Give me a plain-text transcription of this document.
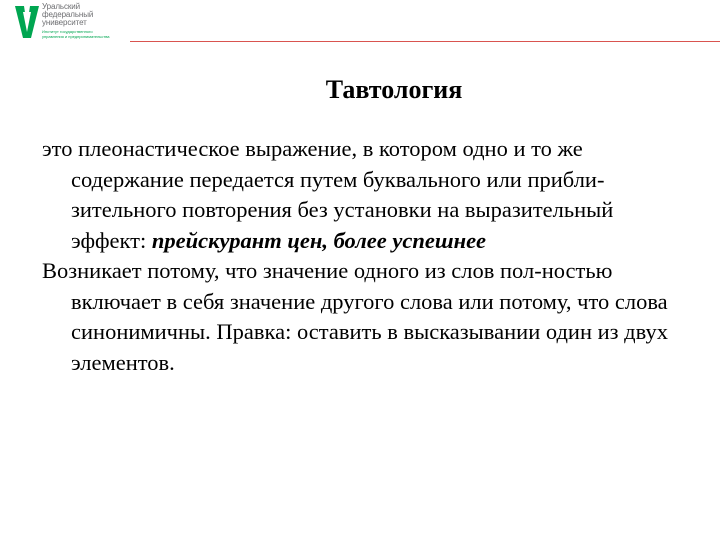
Уральский
федеральный
университет
Институт государственного
управления и предпринимательства
Тавтология

это плеонастическое выражение, в котором одно и то же содержание передается путем буквального или прибли-зительного повторения без установки на выразительный эффект: прейскурант цен, более успешнее

Возникает потому, что значение одного из слов пол-ностью включает в себя значение другого слова или потому, что слова синонимичны. Правка: оставить в высказывании один из двух элементов.
